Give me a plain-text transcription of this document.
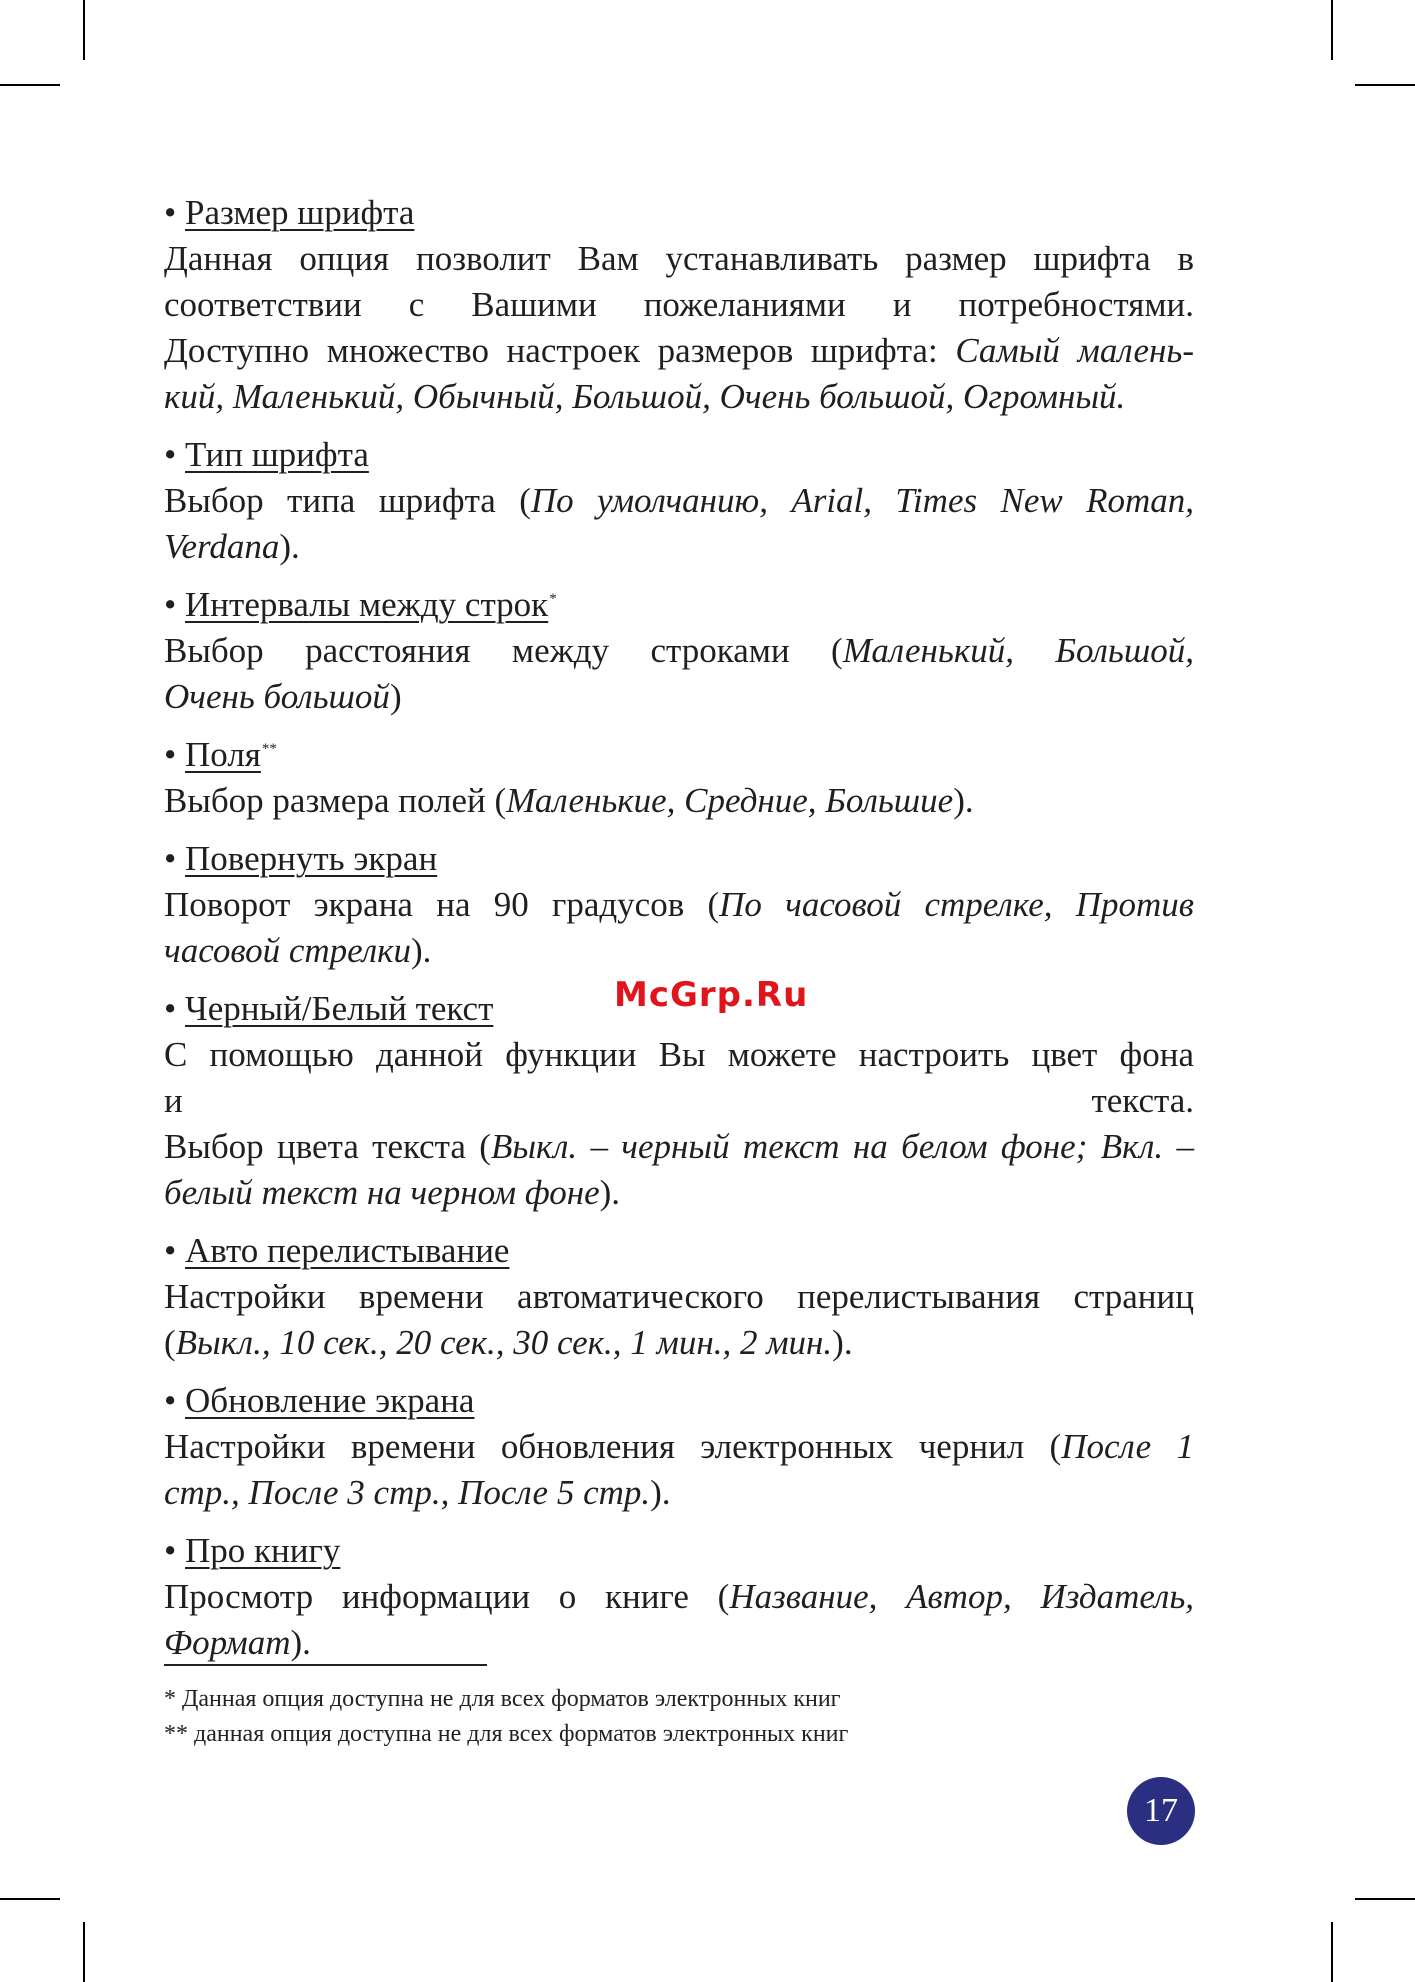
• Размер шрифта
Данная опция позволит Вам устанавливать размер шрифта в
соответствии с Вашими пожеланиями и потребностями.
Доступно множество настроек размеров шрифта: Самый малень-
кий, Маленький, Обычный, Большой, Очень большой, Огромный.
• Тип шрифта
Выбор типа шрифта (По умолчанию, Arial, Times New Roman,
Verdana).
• Интервалы между строк*
Выбор расстояния между строками (Маленький, Большой,
Очень большой)
• Поля**
Выбор размера полей (Маленькие, Средние, Большие).
• Повернуть экран
Поворот экрана на 90 градусов (По часовой стрелке, Против
часовой стрелки).
• Черный/Белый текст
С помощью данной функции Вы можете настроить цвет фона
и текста.
Выбор цвета текста (Выкл. – черный текст на белом фоне; Вкл. –
белый текст на черном фоне).
• Авто перелистывание
Настройки времени автоматического перелистывания страниц
(Выкл., 10 сек., 20 сек., 30 сек., 1 мин., 2 мин.).
• Обновление экрана
Настройки времени обновления электронных чернил (После 1
стр., После 3 стр., После 5 стр.).
• Про книгу
Просмотр информации о книге (Название, Автор, Издатель,
Формат).
McGrp.Ru
* Данная опция доступна не для всех форматов электронных книг
** данная опция доступна не для всех форматов электронных книг
17
